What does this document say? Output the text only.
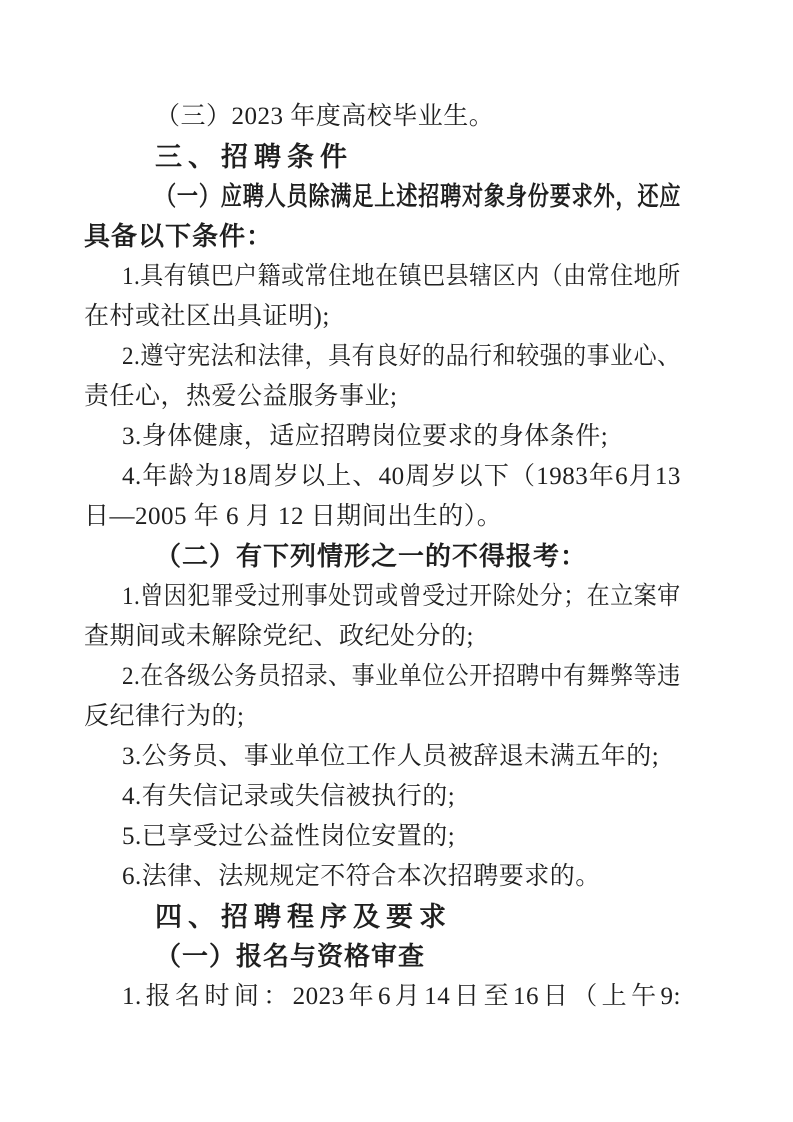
（三）2023 年度高校毕业生。
三、招聘条件
（ 一 ） 应 聘 人 员 除 满 足 上 述 招 聘 对 象 身 份 要 求 外 ， 还 应
具备以下条件：
1. 具 有 镇 巴 户 籍 或 常 住 地 在 镇 巴 县 辖 区 内 （ 由 常 住 地 所
在村或社区出具证明);
2. 遵 守 宪 法 和 法 律 ， 具 有 良 好 的 品 行 和 较 强 的 事 业 心 、
责任心，热爱公益服务事业;
3.身体健康，适应招聘岗位要求的身体条件;
4. 年 龄 为 18 周 岁 以 上 、 40 周 岁 以 下 （ 1983 年 6 月 13
日—2005 年 6 月 12 日期间出生的）。
（二）有下列情形之一的不得报考：
1. 曾 因 犯 罪 受 过 刑 事 处 罚 或 曾 受 过 开 除 处 分 ； 在 立 案 审
查期间或未解除党纪、政纪处分的;
2. 在 各 级 公 务 员 招 录 、 事 业 单 位 公 开 招 聘 中 有 舞 弊 等 违
反纪律行为的;
3.公务员、事业单位工作人员被辞退未满五年的;
4.有失信记录或失信被执行的;
5.已享受过公益性岗位安置的;
6.法律、法规规定不符合本次招聘要求的。
四、招聘程序及要求
（一）报名与资格审查
1. 报 名 时 间 ： 2023 年 6 月 14 日 至 16 日 （ 上 午 9:
